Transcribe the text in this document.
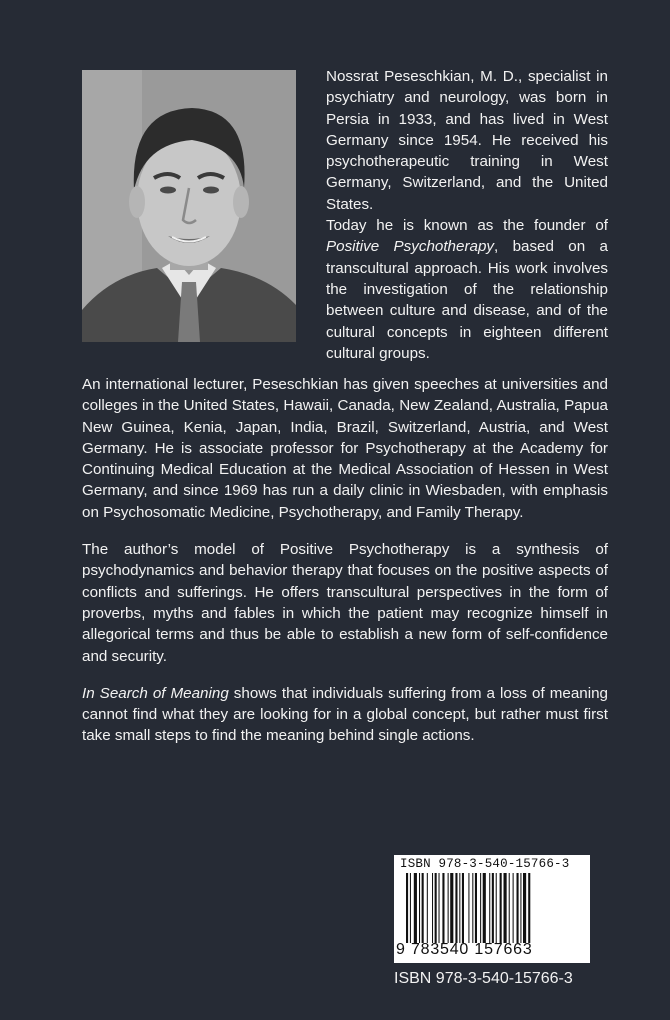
Nossrat Peseschkian, M. D., specialist in psychiatry and neurology, was born in Persia in 1933, and has lived in West Germany since 1954. He received his psychotherapeutic training in West Germany, Switzerland, and the United States.

Today he is known as the founder of Positive Psychotherapy, based on a transcultural approach. His work involves the investigation of the relationship between culture and disease, and of the cultural concepts in eighteen different cultural groups.

An international lecturer, Peseschkian has given speeches at universities and colleges in the United States, Hawaii, Canada, New Zealand, Australia, Papua New Guinea, Kenia, Japan, India, Brazil, Switzerland, Austria, and West Germany. He is associate professor for Psychotherapy at the Academy for Continuing Medical Education at the Medical Association of Hessen in West Germany, and since 1969 has run a daily clinic in Wiesbaden, with emphasis on Psychosomatic Medicine, Psychotherapy, and Family Therapy.

The author’s model of Positive Psychotherapy is a synthesis of psychodynamics and behavior therapy that focuses on the positive aspects of conflicts and sufferings. He offers transcultural perspectives in the form of proverbs, myths and fables in which the patient may recognize himself in allegorical terms and thus be able to establish a new form of self-confidence and security.

In Search of Meaning shows that individuals suffering from a loss of meaning cannot find what they are looking for in a global concept, but rather must first take small steps to find the meaning behind single actions.

ISBN 978-3-540-15766-3
9 783540 157663
ISBN 978-3-540-15766-3
